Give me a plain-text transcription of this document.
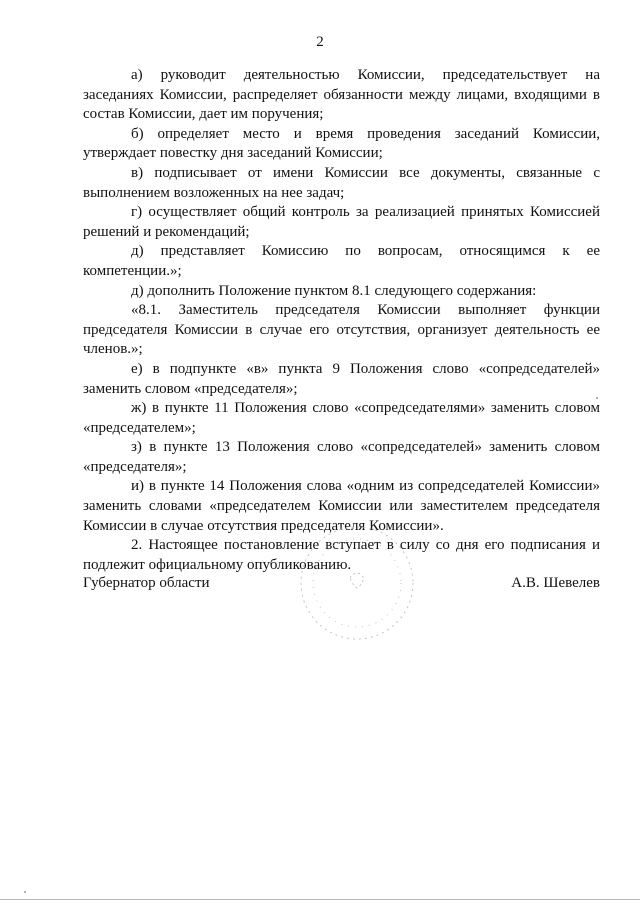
2

а) руководит деятельностью Комиссии, председательствует на заседаниях Комиссии, распределяет обязанности между лицами, входящими в состав Комиссии, дает им поручения;

б) определяет место и время проведения заседаний Комиссии, утверждает повестку дня заседаний Комиссии;

в) подписывает от имени Комиссии все документы, связанные с выполнением возложенных на нее задач;

г) осуществляет общий контроль за реализацией принятых Комиссией решений и рекомендаций;

д) представляет Комиссию по вопросам, относящимся к ее компетенции.»;

д) дополнить Положение пунктом 8.1 следующего содержания:

«8.1. Заместитель председателя Комиссии выполняет функции председателя Комиссии в случае его отсутствия, организует деятельность ее членов.»;

е) в подпункте «в» пункта 9 Положения слово «сопредседателей» заменить словом «председателя»;

ж) в пункте 11 Положения слово «сопредседателями» заменить словом «председателем»;

з) в пункте 13 Положения слово «сопредседателей» заменить словом «председателя»;

и) в пункте 14 Положения слова «одним из сопредседателей Комиссии» заменить словами «председателем Комиссии или заместителем председателя Комиссии в случае отсутствия председателя Комиссии».

2. Настоящее постановление вступает в силу со дня его подписания и подлежит официальному опубликованию.

Губернатор области	А.В. Шевелев
